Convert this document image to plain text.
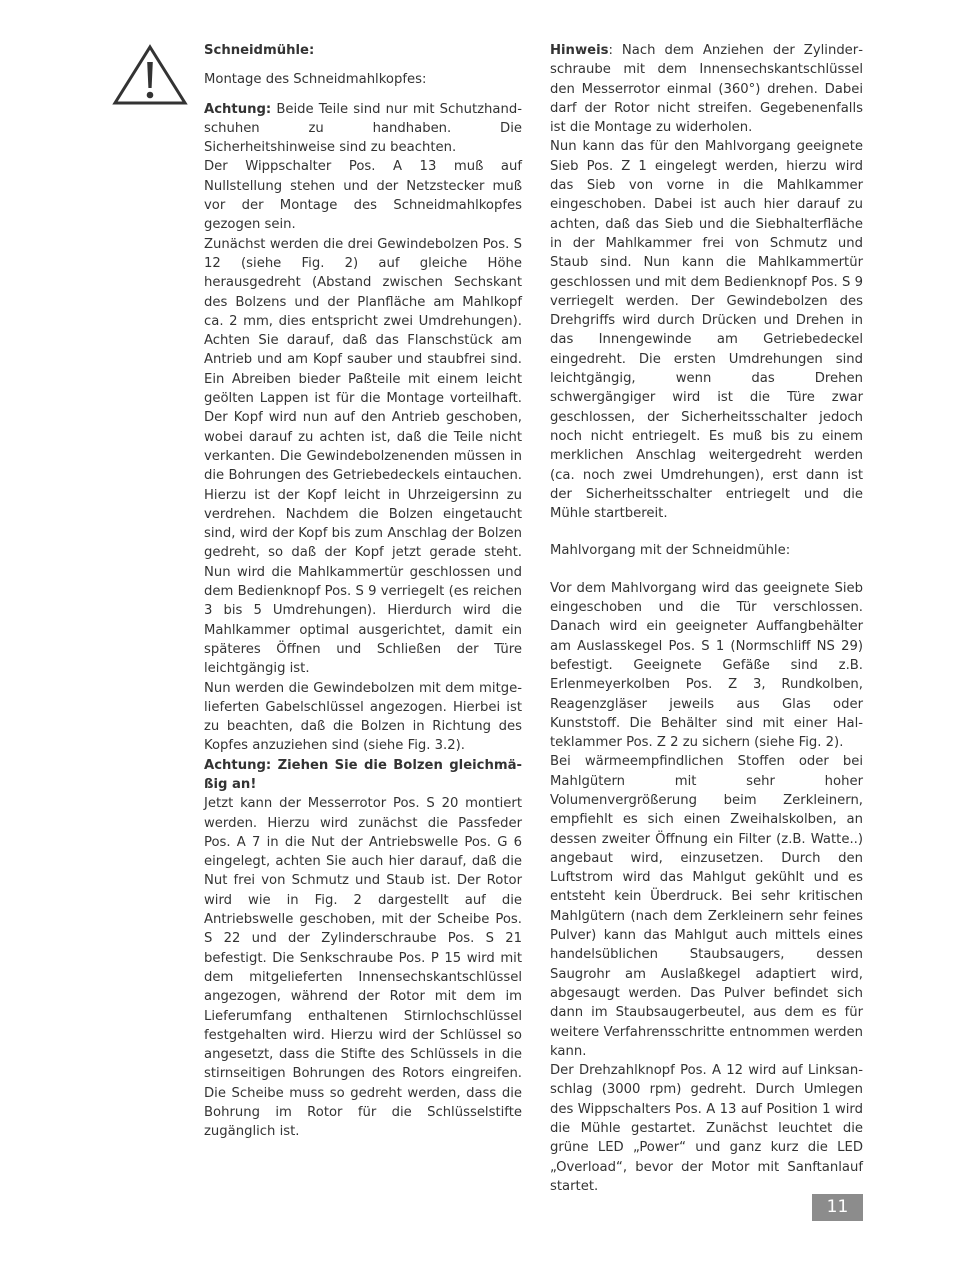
Schneidmühle:

Montage des Schneidmahlkopfes:

Achtung: Beide Teile sind nur mit Schutzhandschuhen zu handhaben. Die Sicherheitshinweise sind zu beachten.

Der Wippschalter Pos. A 13 muß auf Nullstellung stehen und der Netzstecker muß vor der Montage des Schneidmahlkopfes gezogen sein.

Zunächst werden die drei Gewindebolzen Pos. S 12 (siehe Fig. 2) auf gleiche Höhe herausgedreht (Abstand zwischen Sechskant des Bolzens und der Planfläche am Mahlkopf ca. 2 mm, dies entspricht zwei Umdrehungen). Achten Sie darauf, daß das Flanschstück am Antrieb und am Kopf sauber und staubfrei sind. Ein Abreiben bieder Paßteile mit einem leicht geölten Lappen ist für die Montage vorteilhaft. Der Kopf wird nun auf den Antrieb geschoben, wobei darauf zu achten ist, daß die Teile nicht verkanten. Die Gewindebolzenenden müssen in die Bohrungen des Getriebedeckels eintauchen. Hierzu ist der Kopf leicht in Uhrzeigersinn zu verdrehen. Nachdem die Bolzen eingetaucht sind, wird der Kopf bis zum Anschlag der Bolzen gedreht, so daß der Kopf jetzt gerade steht. Nun wird die Mahlkammertür geschlossen und dem Bedienknopf Pos. S 9 verriegelt (es reichen 3 bis 5 Umdrehungen). Hierdurch wird die Mahlkammer optimal ausgerichtet, damit ein späteres Öffnen und Schließen der Türe leichtgängig ist.

Nun werden die Gewindebolzen mit dem mitgelieferten Gabelschlüssel angezogen. Hierbei ist zu beachten, daß die Bolzen in Richtung des Kopfes anzuziehen sind (siehe Fig. 3.2).

Achtung: Ziehen Sie die Bolzen gleichmäßig an!

Jetzt kann der Messerrotor Pos. S 20 montiert werden. Hierzu wird zunächst die Passfeder Pos. A 7 in die Nut der Antriebswelle Pos. G 6 eingelegt, achten Sie auch hier darauf, daß die Nut frei von Schmutz und Staub ist. Der Rotor wird wie in Fig. 2 dargestellt auf die Antriebswelle geschoben, mit der Scheibe Pos. S 22 und der Zylinderschraube Pos. S 21 befestigt. Die Senkschraube Pos. P 15 wird mit dem mitgelieferten Innensechskantschlüssel angezogen, während der Rotor mit dem im Lieferumfang enthaltenen Stirnlochschlüssel festgehalten wird. Hierzu wird der Schlüssel so angesetzt, dass die Stifte des Schlüssels in die stirnseitigen Bohrungen des Rotors eingreifen. Die Scheibe muss so gedreht werden, dass die Bohrung im Rotor für die Schlüsselstifte zugänglich ist.

Hinweis: Nach dem Anziehen der Zylinderschraube mit dem Innensechskantschlüssel den Messerrotor einmal (360°) drehen. Dabei darf der Rotor nicht streifen. Gegebenenfalls ist die Montage zu widerholen.

Nun kann das für den Mahlvorgang geeignete Sieb Pos. Z 1 eingelegt werden, hierzu wird das Sieb von vorne in die Mahlkammer eingeschoben. Dabei ist auch hier darauf zu achten, daß das Sieb und die Siebhalterfläche in der Mahlkammer frei von Schmutz und Staub sind. Nun kann die Mahlkammertür geschlossen und mit dem Bedienknopf Pos. S 9 verriegelt werden. Der Gewindebolzen des Drehgriffs wird durch Drücken und Drehen in das Innengewinde am Getriebedeckel eingedreht. Die ersten Umdrehungen sind leichtgängig, wenn das Drehen schwergängiger wird ist die Türe zwar geschlossen, der Sicherheitsschalter jedoch noch nicht entriegelt. Es muß bis zu einem merklichen Anschlag weitergedreht werden (ca. noch zwei Umdrehungen), erst dann ist der Sicherheitsschalter entriegelt und die Mühle startbereit.

Mahlvorgang mit der Schneidmühle:

Vor dem Mahlvorgang wird das geeignete Sieb eingeschoben und die Tür verschlossen. Danach wird ein geeigneter Auffangbehälter am Auslasskegel Pos. S 1 (Normschliff NS 29) befestigt. Geeignete Gefäße sind z.B. Erlenmeyerkolben Pos. Z 3, Rundkolben, Reagenzgläser jeweils aus Glas oder Kunststoff. Die Behälter sind mit einer Halteklammer Pos. Z 2 zu sichern (siehe Fig. 2).

Bei wärmeempfindlichen Stoffen oder bei Mahlgütern mit sehr hoher Volumenvergrößerung beim Zerkleinern, empfiehlt es sich einen Zweihalskolben, an dessen zweiter Öffnung ein Filter (z.B. Watte..) angebaut wird, einzusetzen. Durch den Luftstrom wird das Mahlgut gekühlt und es entsteht kein Überdruck. Bei sehr kritischen Mahlgütern (nach dem Zerkleinern sehr feines Pulver) kann das Mahlgut auch mittels eines handelsüblichen Staubsaugers, dessen Saugrohr am Auslaßkegel adaptiert wird, abgesaugt werden. Das Pulver befindet sich dann im Staubsaugerbeutel, aus dem es für weitere Verfahrensschritte entnommen werden kann.

Der Drehzahlknopf Pos. A 12 wird auf Linksanschlag (3000 rpm) gedreht. Durch Umlegen des Wippschalters Pos. A 13 auf Position 1 wird die Mühle gestartet. Zunächst leuchtet die grüne LED „Power“ und ganz kurz die LED „Overload“, bevor der Motor mit Sanftanlauf startet.

11
